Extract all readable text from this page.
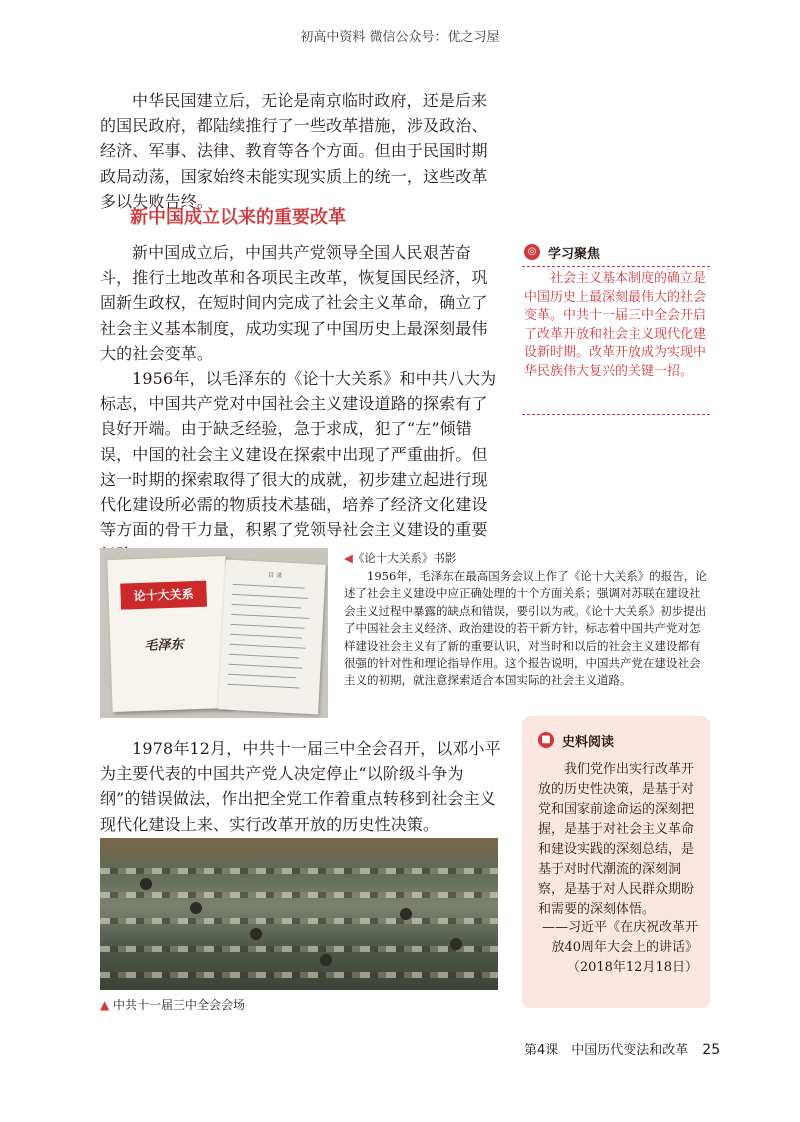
初高中资料 微信公众号：优之习屋

中华民国建立后，无论是南京临时政府，还是后来的国民政府，都陆续推行了一些改革措施，涉及政治、经济、军事、法律、教育等各个方面。但由于民国时期政局动荡，国家始终未能实现实质上的统一，这些改革多以失败告终。

新中国成立以来的重要改革

新中国成立后，中国共产党领导全国人民艰苦奋斗，推行土地改革和各项民主改革，恢复国民经济，巩固新生政权，在短时间内完成了社会主义革命，确立了社会主义基本制度，成功实现了中国历史上最深刻最伟大的社会变革。

1956年，以毛泽东的《论十大关系》和中共八大为标志，中国共产党对中国社会主义建设道路的探索有了良好开端。由于缺乏经验，急于求成，犯了“左”倾错误，中国的社会主义建设在探索中出现了严重曲折。但这一时期的探索取得了很大的成就，初步建立起进行现代化建设所必需的物质技术基础，培养了经济文化建设等方面的骨干力量，积累了党领导社会主义建设的重要

◎ 学习聚焦

社会主义基本制度的确立是中国历史上最深刻最伟大的社会变革。中共十一届三中全会开启了改革开放和社会主义现代化建设新时期。改革开放成为实现中华民族伟大复兴的关键一招。

论十大关系
毛泽东
目 录
◀《论十大关系》书影

1956年，毛泽东在最高国务会议上作了《论十大关系》的报告，论述了社会主义建设中应正确处理的十个方面关系；强调对苏联在建设社会主义过程中暴露的缺点和错误，要引以为戒。《论十大关系》初步提出了中国社会主义经济、政治建设的若干新方针，标志着中国共产党对怎样建设社会主义有了新的重要认识，对当时和以后的社会主义建设都有很强的针对性和理论指导作用。这个报告说明，中国共产党在建设社会主义的初期，就注意探索适合本国实际的社会主义道路。

1978年12月，中共十一届三中全会召开，以邓小平为主要代表的中国共产党人决定停止“以阶级斗争为纲”的错误做法，作出把全党工作着重点转移到社会主义现代化建设上来、实行改革开放的历史性决策。

■ 史料阅读

我们党作出实行改革开放的历史性决策，是基于对党和国家前途命运的深刻把握，是基于对社会主义革命和建设实践的深刻总结，是基于对时代潮流的深刻洞察，是基于对人民群众期盼和需要的深刻体悟。

——习近平《在庆祝改革开放40周年大会上的讲话》（2018年12月18日）

▲ 中共十一届三中全会会场
第4课　中国历代变法和改革 25
